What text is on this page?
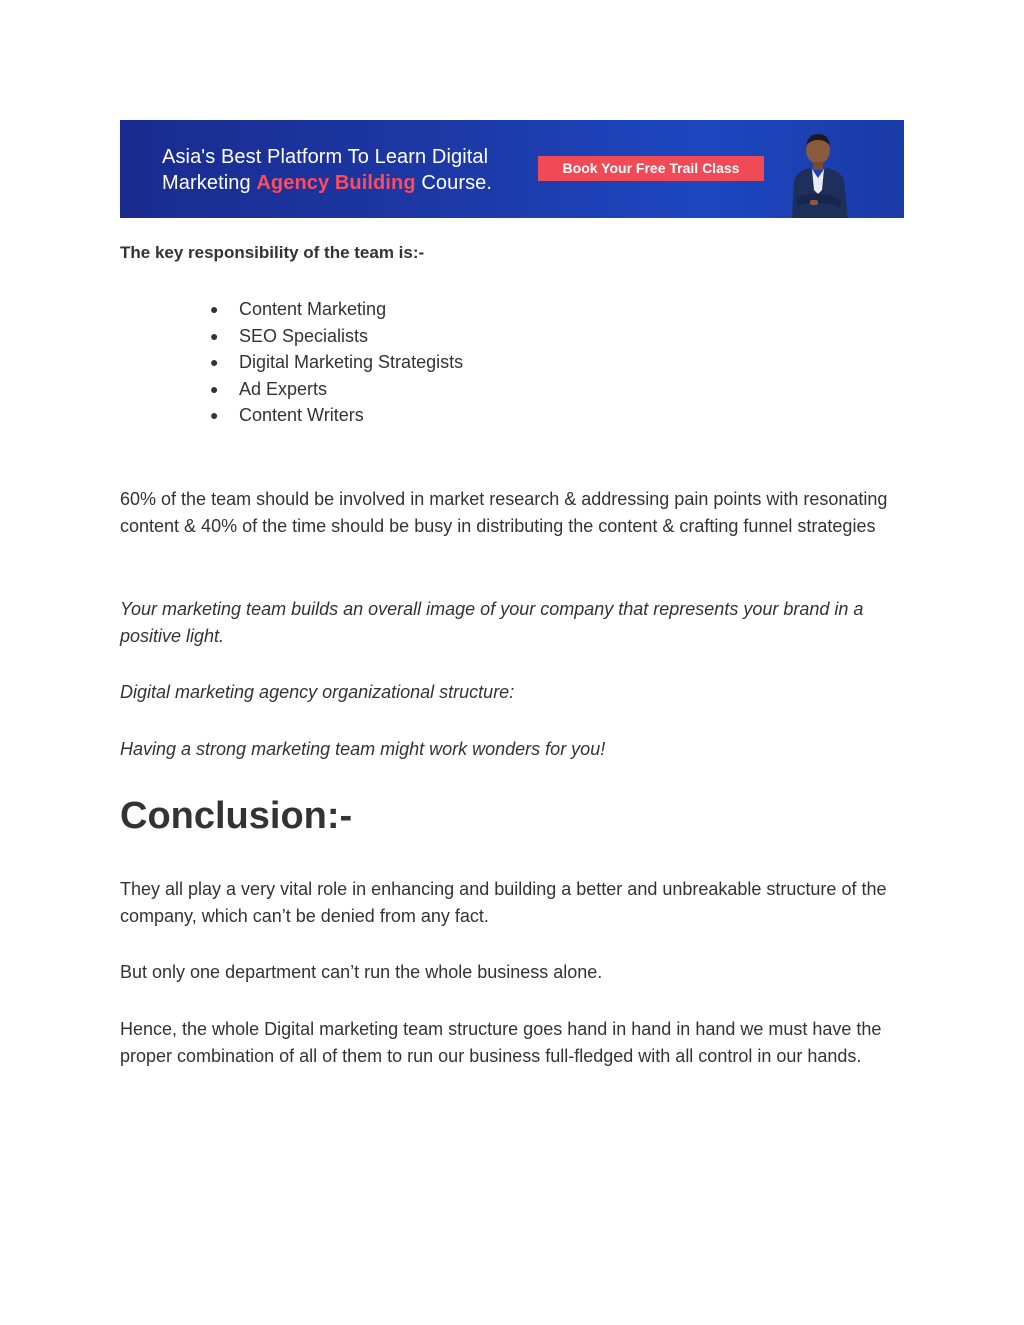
Asia's Best Platform To Learn Digital
Marketing Agency Building Course.
Book Your Free Trail Class
The key responsibility of the team is:-
● Content Marketing
● SEO Specialists
● Digital Marketing Strategists
● Ad Experts
● Content Writers

60% of the team should be involved in market research & addressing pain points with resonating content & 40% of the time should be busy in distributing the content & crafting funnel strategies

Your marketing team builds an overall image of your company that represents your brand in a positive light.

Digital marketing agency organizational structure:

Having a strong marketing team might work wonders for you!

Conclusion:-

They all play a very vital role in enhancing and building a better and unbreakable structure of the company, which can’t be denied from any fact.

But only one department can’t run the whole business alone.

Hence, the whole Digital marketing team structure goes hand in hand in hand we must have the proper combination of all of them to run our business full-fledged with all control in our hands.
